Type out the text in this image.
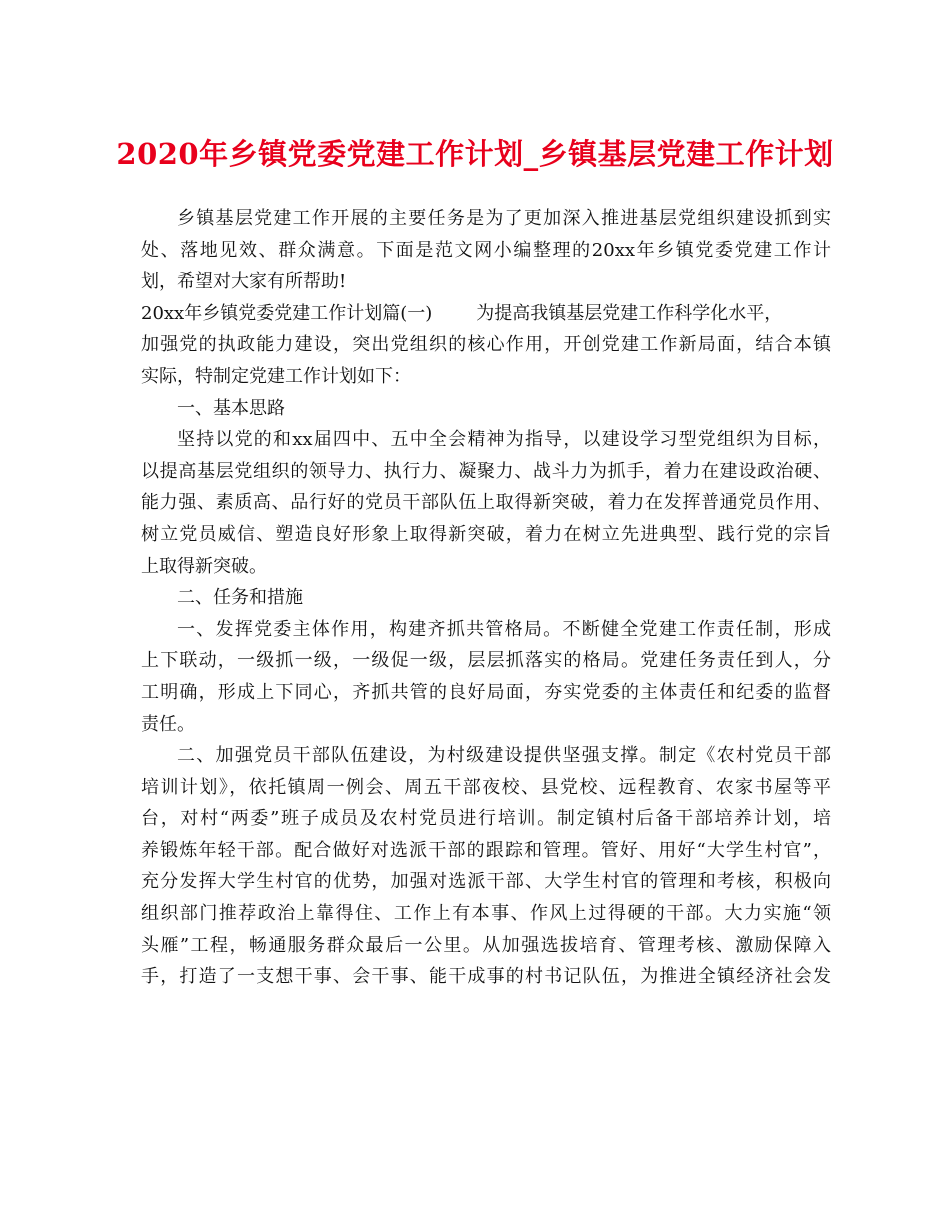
2020年乡镇党委党建工作计划_乡镇基层党建工作计划
乡镇基层党建工作开展的主要任务是为了更加深入推进基层党组织建设抓到实
处、落地见效、群众满意。下面是范文网小编整理的20xx年乡镇党委党建工作计
划，希望对大家有所帮助!
20xx年乡镇党委党建工作计划篇(一) 为提高我镇基层党建工作科学化水平，
加强党的执政能力建设，突出党组织的核心作用，开创党建工作新局面，结合本镇
实际，特制定党建工作计划如下：
一、基本思路
坚持以党的和xx届四中、五中全会精神为指导，以建设学习型党组织为目标，
以提高基层党组织的领导力、执行力、凝聚力、战斗力为抓手，着力在建设政治硬、
能力强、素质高、品行好的党员干部队伍上取得新突破，着力在发挥普通党员作用、
树立党员威信、塑造良好形象上取得新突破，着力在树立先进典型、践行党的宗旨
上取得新突破。
二、任务和措施
一、发挥党委主体作用，构建齐抓共管格局。不断健全党建工作责任制，形成
上下联动，一级抓一级，一级促一级，层层抓落实的格局。党建任务责任到人，分
工明确，形成上下同心，齐抓共管的良好局面，夯实党委的主体责任和纪委的监督
责任。
二、加强党员干部队伍建设，为村级建设提供坚强支撑。制定《农村党员干部
培训计划》，依托镇周一例会、周五干部夜校、县党校、远程教育、农家书屋等平
台，对村“两委”班子成员及农村党员进行培训。制定镇村后备干部培养计划，培
养锻炼年轻干部。配合做好对选派干部的跟踪和管理。管好、用好“大学生村官”，
充分发挥大学生村官的优势，加强对选派干部、大学生村官的管理和考核，积极向
组织部门推荐政治上靠得住、工作上有本事、作风上过得硬的干部。大力实施“领
头雁”工程，畅通服务群众最后一公里。从加强选拔培育、管理考核、激励保障入
手，打造了一支想干事、会干事、能干成事的村书记队伍，为推进全镇经济社会发
